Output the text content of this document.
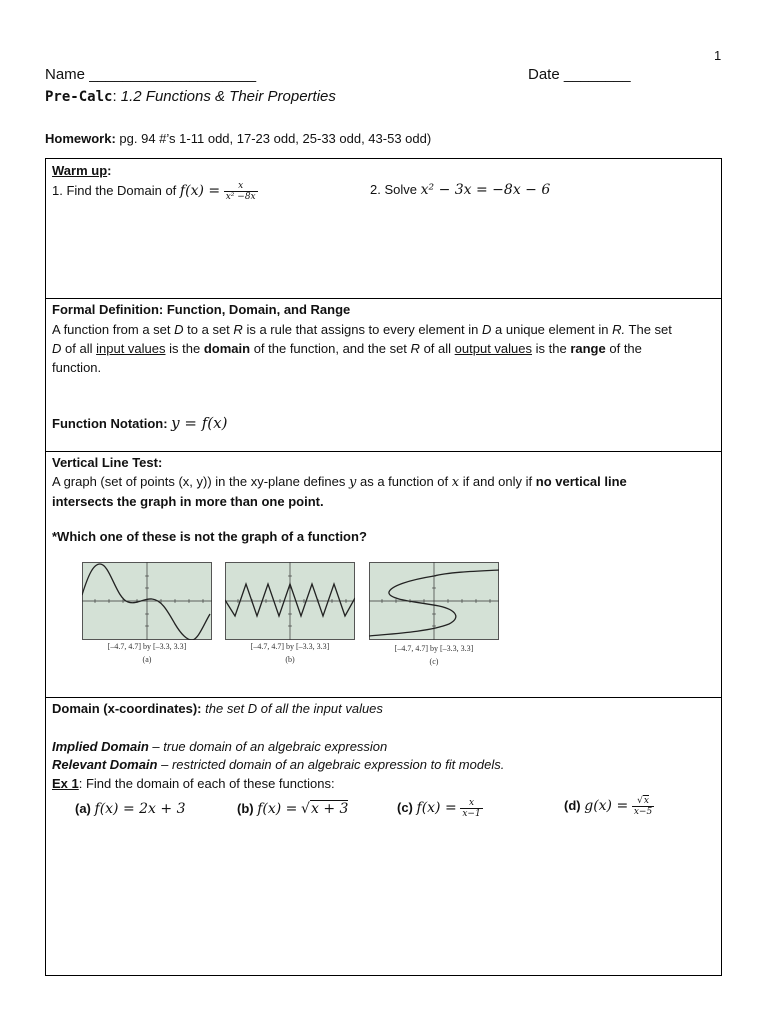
1
Name ____________________	Date ________
Pre-Calc: 1.2 Functions & Their Properties
Homework: pg. 94 #’s 1-11 odd, 17-23 odd, 25-33 odd, 43-53 odd)
Warm up:
1. Find the Domain of $f(x) = \frac{x}{\text{x² −8x}}$	2. Solve x² − 3x = −8x − 6
Formal Definition: Function, Domain, and Range
A function from a set D to a set R is a rule that assigns to every element in D a unique element in R. The set
D of all input values is the domain of the function, and the set R of all output values is the range of the
function.
Function Notation: y = f(x)
Vertical Line Test:
A graph (set of points (x, y)) in the xy-plane defines y as a function of x if and only if no vertical line
intersects the graph in more than one point.
*Which one of these is not the graph of a function?
[–4.7, 4.7] by [–3.3, 3.3]
(a)
[–4.7, 4.7] by [–3.3, 3.3]
(b)
[–4.7, 4.7] by [–3.3, 3.3]
(c)
Domain (x-coordinates): the set D of all the input values
Implied Domain – true domain of an algebraic expression
Relevant Domain – restricted domain of an algebraic expression to fit models.
Ex 1: Find the domain of each of these functions:
(a) f(x) = 2x + 3	(b) f(x) = √x + 3	(c) $f(x) = \frac{x}{x-1}$	(d) $g(x) = \frac{√x}{x-5}$
